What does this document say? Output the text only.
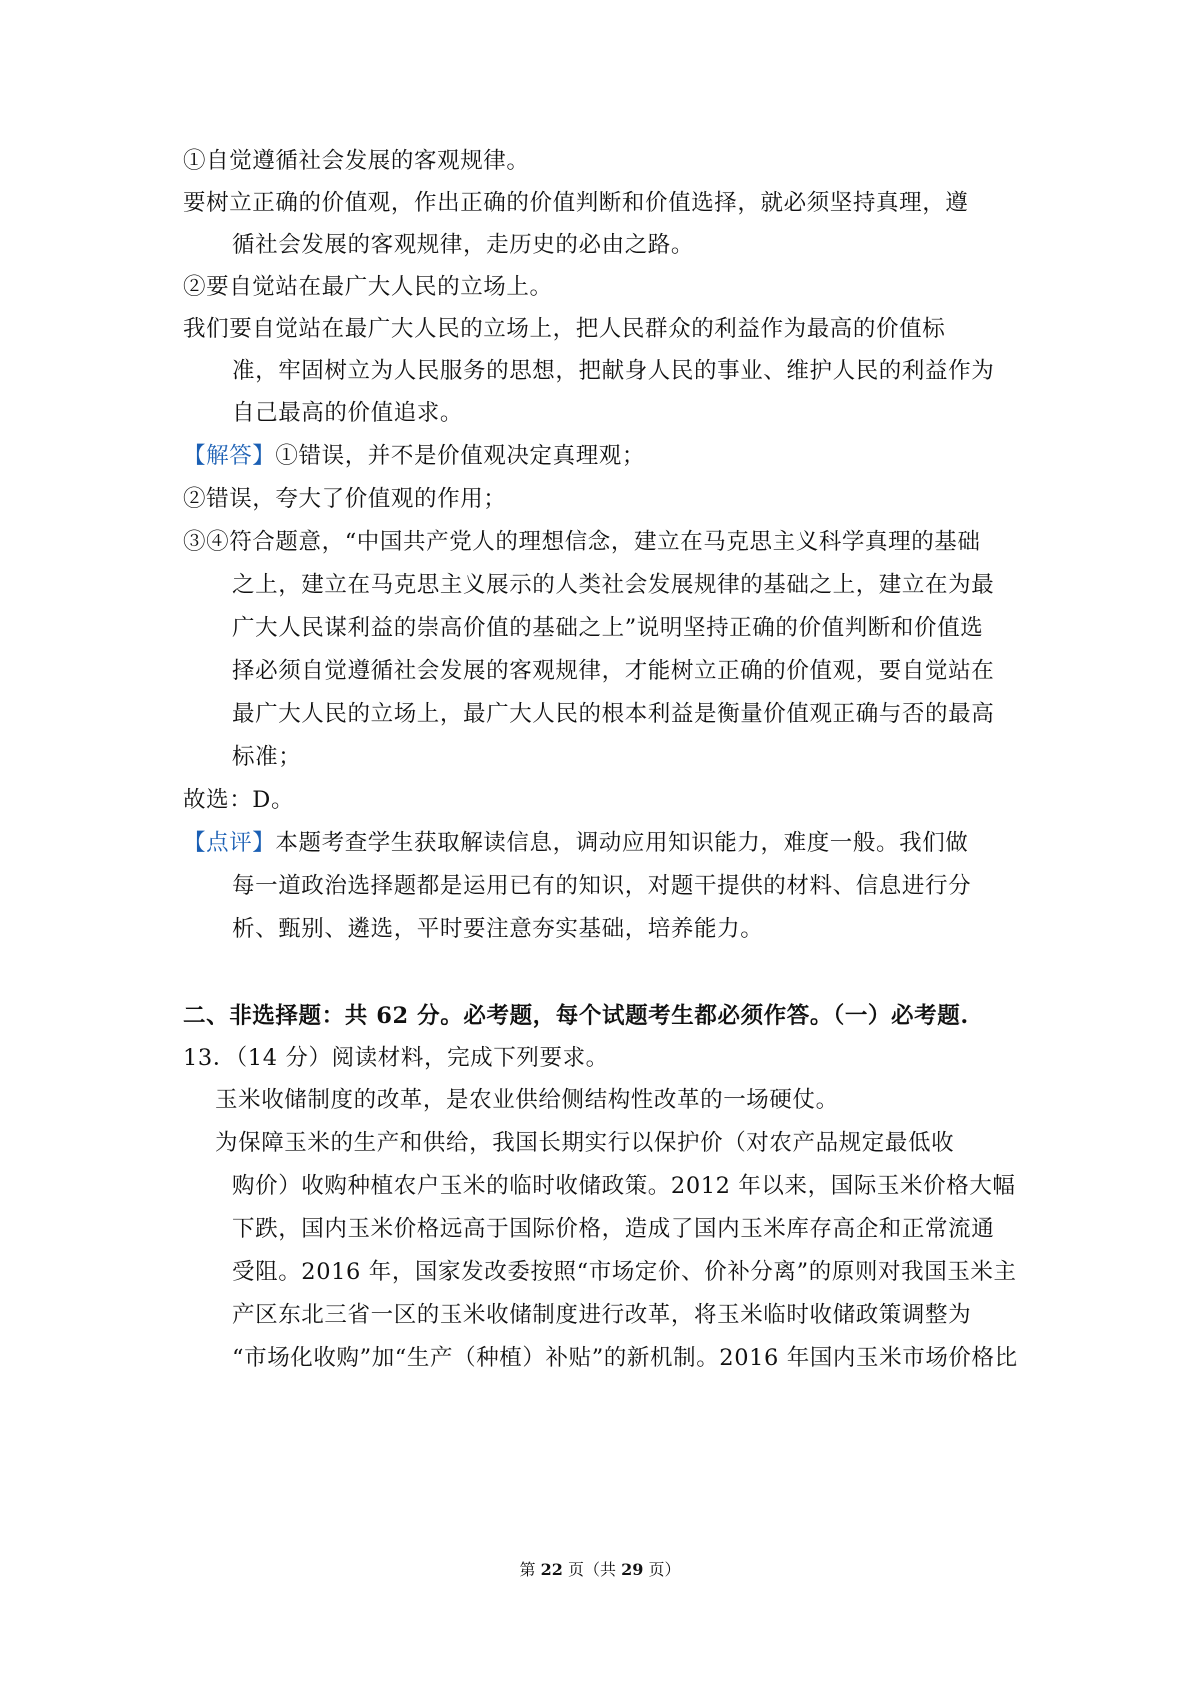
①自觉遵循社会发展的客观规律。
要树立正确的价值观，作出正确的价值判断和价值选择，就必须坚持真理，遵
循社会发展的客观规律，走历史的必由之路。
②要自觉站在最广大人民的立场上。
我们要自觉站在最广大人民的立场上，把人民群众的利益作为最高的价值标
准，牢固树立为人民服务的思想，把献身人民的事业、维护人民的利益作为
自己最高的价值追求。
【解答】①错误，并不是价值观决定真理观；
②错误，夸大了价值观的作用；
③④符合题意，“中国共产党人的理想信念，建立在马克思主义科学真理的基础
之上，建立在马克思主义展示的人类社会发展规律的基础之上，建立在为最
广大人民谋利益的崇高价值的基础之上”说明坚持正确的价值判断和价值选
择必须自觉遵循社会发展的客观规律，才能树立正确的价值观，要自觉站在
最广大人民的立场上，最广大人民的根本利益是衡量价值观正确与否的最高
标准；
故选：D。
【点评】本题考查学生获取解读信息，调动应用知识能力，难度一般。我们做
每一道政治选择题都是运用已有的知识，对题干提供的材料、信息进行分
析、甄别、遴选，平时要注意夯实基础，培养能力。
二、非选择题：共 62 分。必考题，每个试题考生都必须作答。（一）必考题.
13．（14 分）阅读材料，完成下列要求。
玉米收储制度的改革，是农业供给侧结构性改革的一场硬仗。
为保障玉米的生产和供给，我国长期实行以保护价（对农产品规定最低收
购价）收购种植农户玉米的临时收储政策。2012 年以来，国际玉米价格大幅
下跌，国内玉米价格远高于国际价格，造成了国内玉米库存高企和正常流通
受阻。2016 年，国家发改委按照“市场定价、价补分离”的原则对我国玉米主
产区东北三省一区的玉米收储制度进行改革，将玉米临时收储政策调整为
“市场化收购”加“生产（种植）补贴”的新机制。2016 年国内玉米市场价格比
第 22 页（共 29 页）
